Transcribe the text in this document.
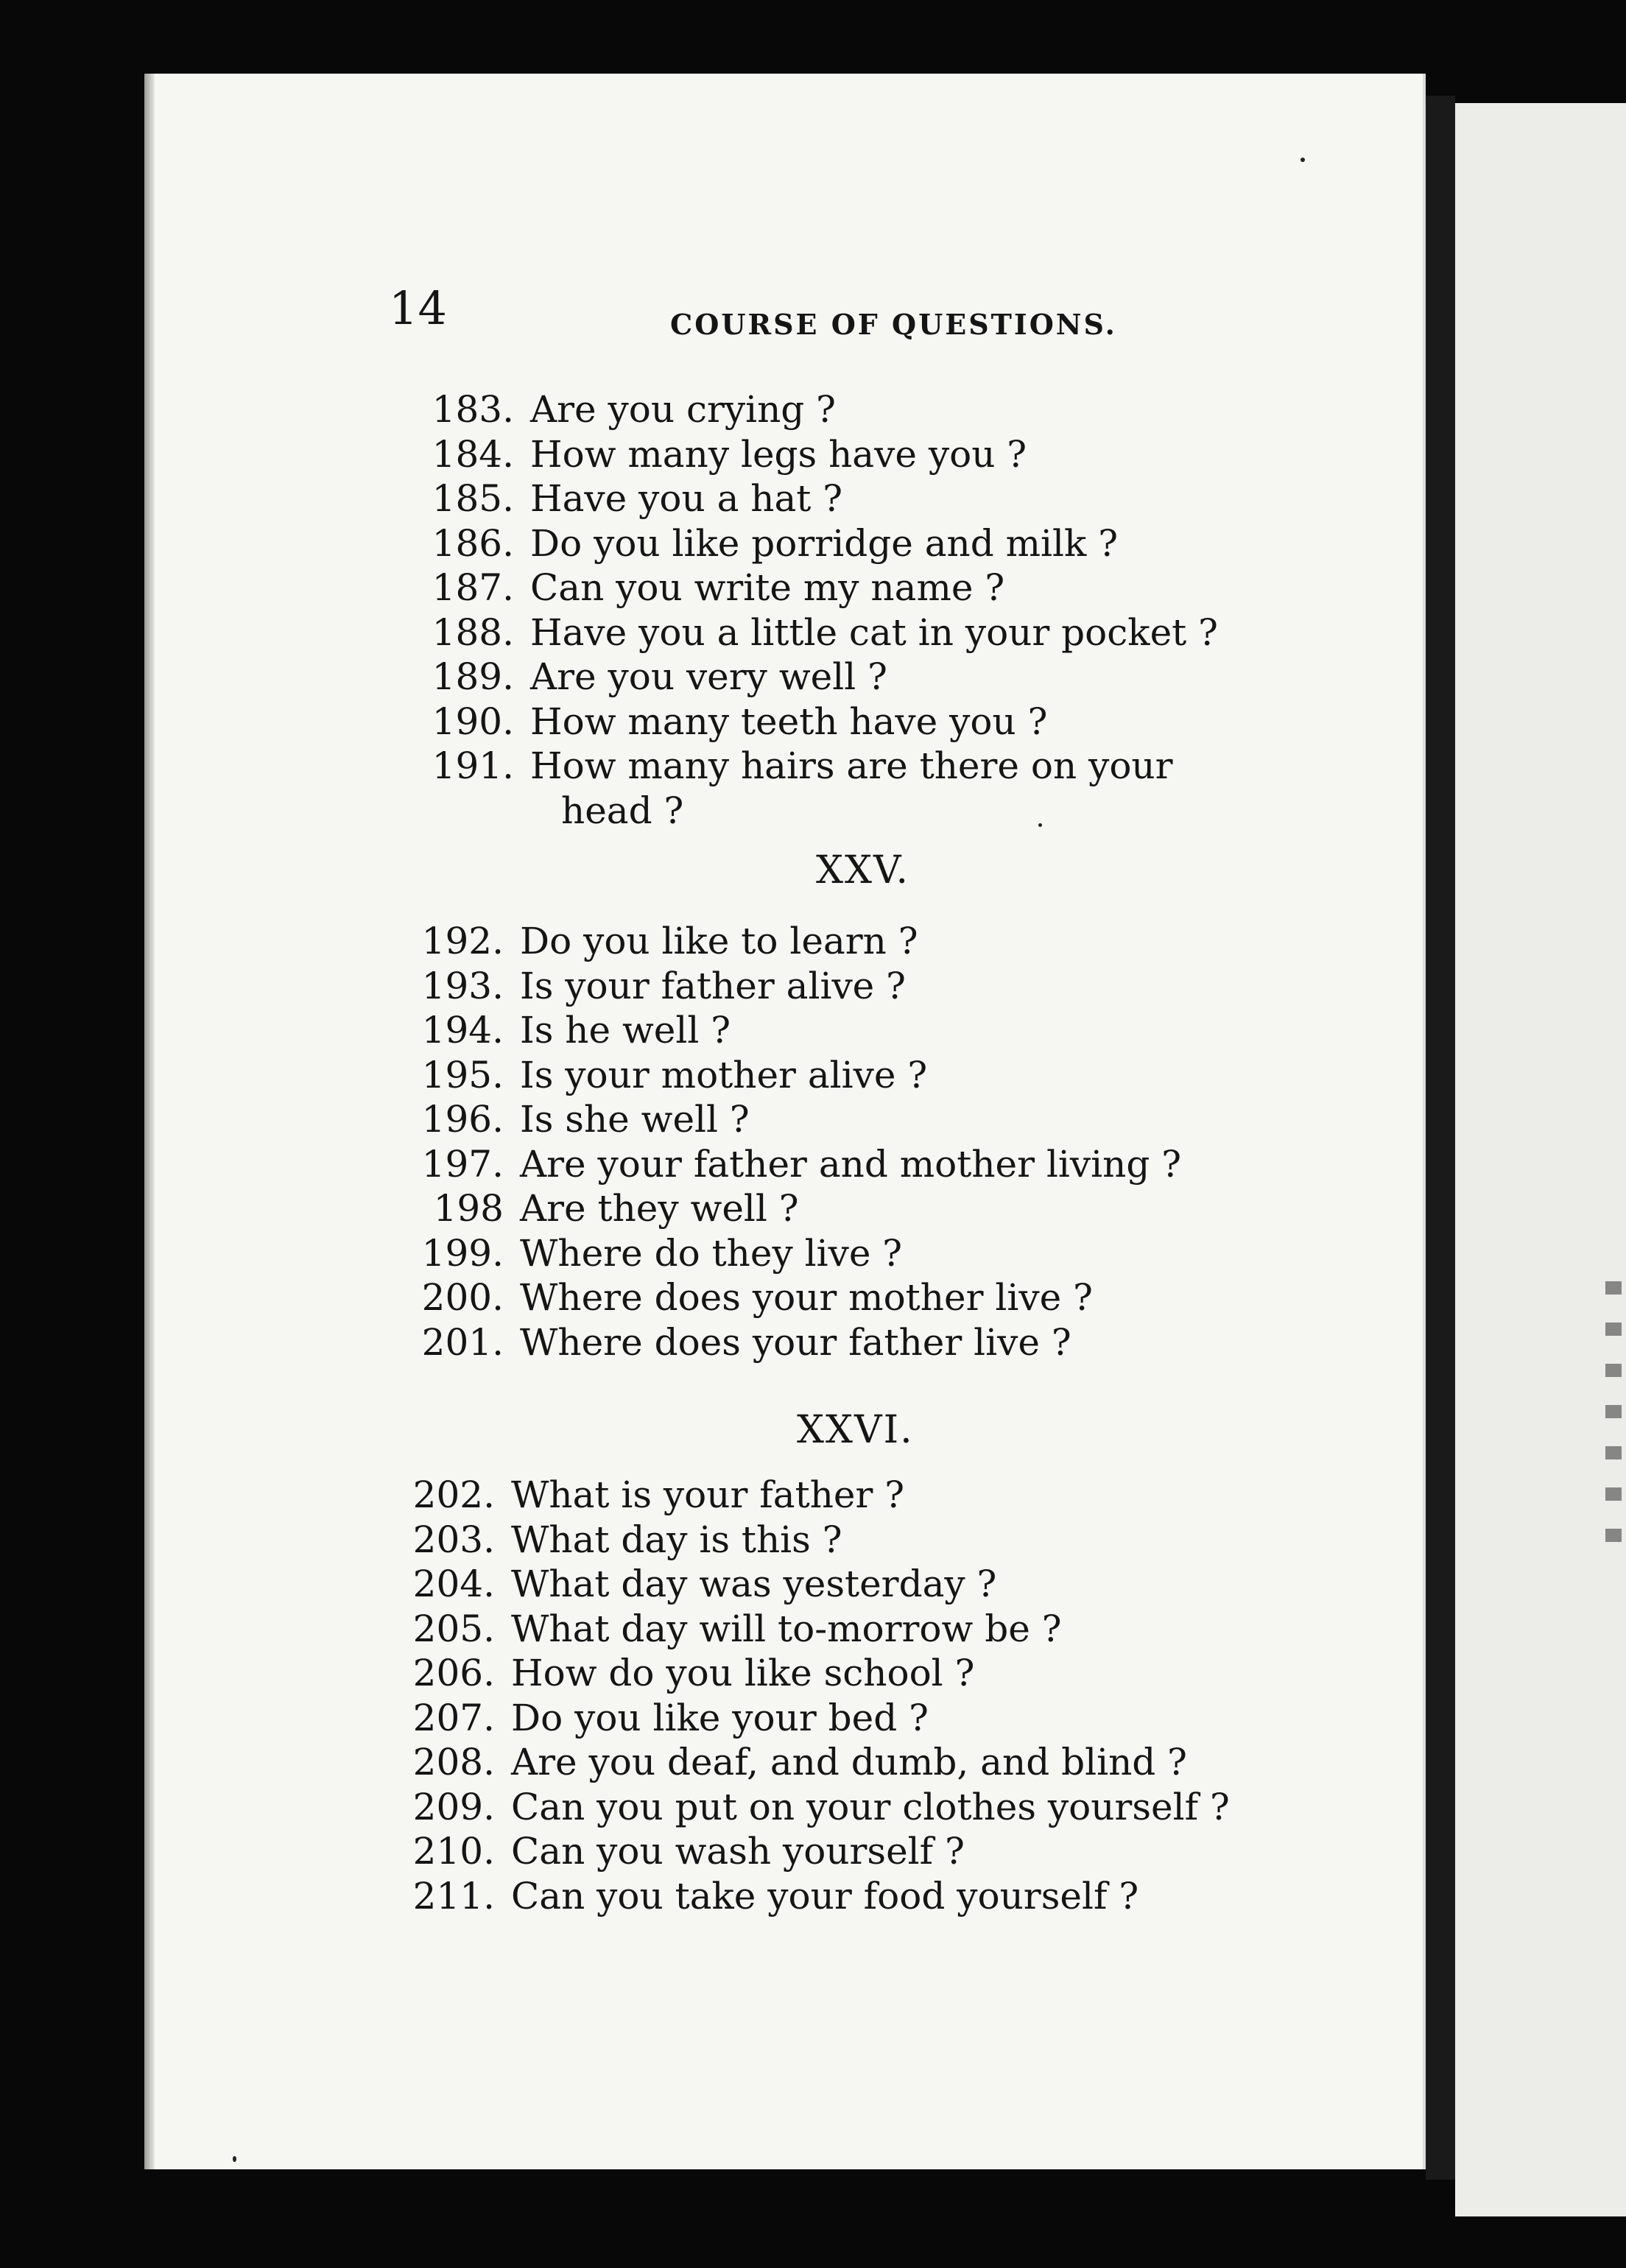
14	COURSE OF QUESTIONS.
183. Are you crying ?
184. How many legs have you ?
185. Have you a hat ?
186. Do you like porridge and milk ?
187. Can you write my name ?
188. Have you a little cat in your pocket ?
189. Are you very well ?
190. How many teeth have you ?
191. How many hairs are there on your
head ?
XXV.
192. Do you like to learn ?
193. Is your father alive ?
194. Is he well ?
195. Is your mother alive ?
196. Is she well ?
197. Are your father and mother living ?
198 Are they well ?
199. Where do they live ?
200. Where does your mother live ?
201. Where does your father live ?
XXVI.
202. What is your father ?
203. What day is this ?
204. What day was yesterday ?
205. What day will to-morrow be ?
206. How do you like school ?
207. Do you like your bed ?
208. Are you deaf, and dumb, and blind ?
209. Can you put on your clothes yourself ?
210. Can you wash yourself ?
211. Can you take your food yourself ?
